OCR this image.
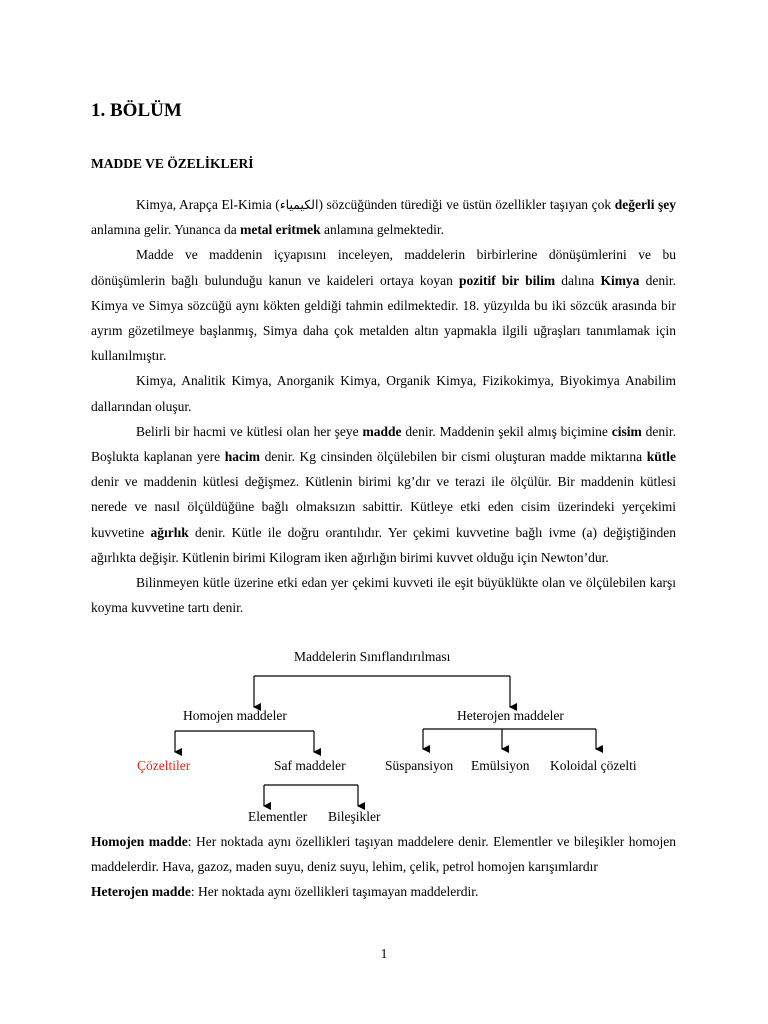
1. BÖLÜM
MADDE VE ÖZELİKLERİ

Kimya, Arapça El-Kimia (الكيمياء) sözcüğünden türediği ve üstün özellikler taşıyan çok değerli şey anlamına gelir. Yunanca da metal eritmek anlamına gelmektedir.

Madde ve maddenin içyapısını inceleyen, maddelerin birbirlerine dönüşümlerini ve bu dönüşümlerin bağlı bulunduğu kanun ve kaideleri ortaya koyan pozitif bir bilim dalına Kimya denir. Kimya ve Simya sözcüğü aynı kökten geldiği tahmin edilmektedir. 18. yüzyılda bu iki sözcük arasında bir ayrım gözetilmeye başlanmış, Simya daha çok metalden altın yapmakla ilgili uğraşları tanımlamak için kullanılmıştır.

Kimya, Analitik Kimya, Anorganik Kimya, Organik Kimya, Fizikokimya, Biyokimya Anabilim dallarından oluşur.

Belirli bir hacmi ve kütlesi olan her şeye madde denir. Maddenin şekil almış biçimine cisim denir. Boşlukta kaplanan yere hacim denir. Kg cinsinden ölçülebilen bir cismi oluşturan madde miktarına kütle denir ve maddenin kütlesi değişmez. Kütlenin birimi kg’dır ve terazi ile ölçülür. Bir maddenin kütlesi nerede ve nasıl ölçüldüğüne bağlı olmaksızın sabittir. Kütleye etki eden cisim üzerindeki yerçekimi kuvvetine ağırlık denir. Kütle ile doğru orantılıdır. Yer çekimi kuvvetine bağlı ivme (a) değiştiğinden ağırlıkta değişir. Kütlenin birimi Kilogram iken ağırlığın birimi kuvvet olduğu için Newton’dur.

Bilinmeyen kütle üzerine etki edan yer çekimi kuvveti ile eşit büyüklükte olan ve ölçülebilen karşı koyma kuvvetine tartı denir.

Maddelerin Sınıflandırılması
Homojen maddeler	Heterojen maddeler
Çözeltiler	Saf maddeler	Süspansiyon Emülsiyon Koloidal çözelti
Elementler Bileşikler

Homojen madde: Her noktada aynı özellikleri taşıyan maddelere denir. Elementler ve bileşikler homojen maddelerdir. Hava, gazoz, maden suyu, deniz suyu, lehim, çelik, petrol homojen karışımlardır

Heterojen madde: Her noktada aynı özellikleri taşımayan maddelerdir.

1
